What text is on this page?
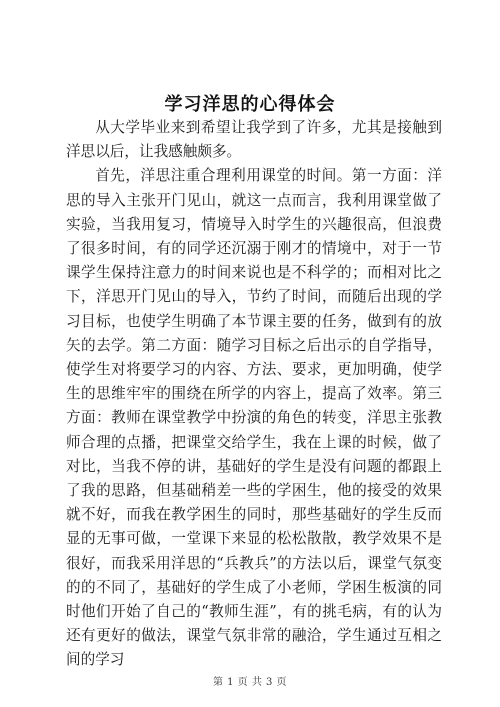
学习洋思的心得体会

从大学毕业来到希望让我学到了许多，尤其是接触到洋思以后，让我感触颇多。

首先，洋思注重合理利用课堂的时间。第一方面：洋思的导入主张开门见山，就这一点而言，我利用课堂做了实验，当我用复习，情境导入时学生的兴趣很高，但浪费了很多时间，有的同学还沉溺于刚才的情境中，对于一节课学生保持注意力的时间来说也是不科学的；而相对比之下，洋思开门见山的导入，节约了时间，而随后出现的学习目标，也使学生明确了本节课主要的任务，做到有的放矢的去学。第二方面：随学习目标之后出示的自学指导，使学生对将要学习的内容、方法、要求，更加明确，使学生的思维牢牢的围绕在所学的内容上，提高了效率。第三方面：教师在课堂教学中扮演的角色的转变，洋思主张教师合理的点播，把课堂交给学生，我在上课的时候，做了对比，当我不停的讲，基础好的学生是没有问题的都跟上了我的思路，但基础稍差一些的学困生，他的接受的效果就不好，而我在教学困生的同时，那些基础好的学生反而显的无事可做，一堂课下来显的松松散散，教学效果不是很好，而我采用洋思的“兵教兵”的方法以后，课堂气氛变的的不同了，基础好的学生成了小老师，学困生板演的同时他们开始了自己的“教师生涯”，有的挑毛病，有的认为还有更好的做法，课堂气氛非常的融洽，学生通过互相之间的学习

第 1 页 共 3 页
